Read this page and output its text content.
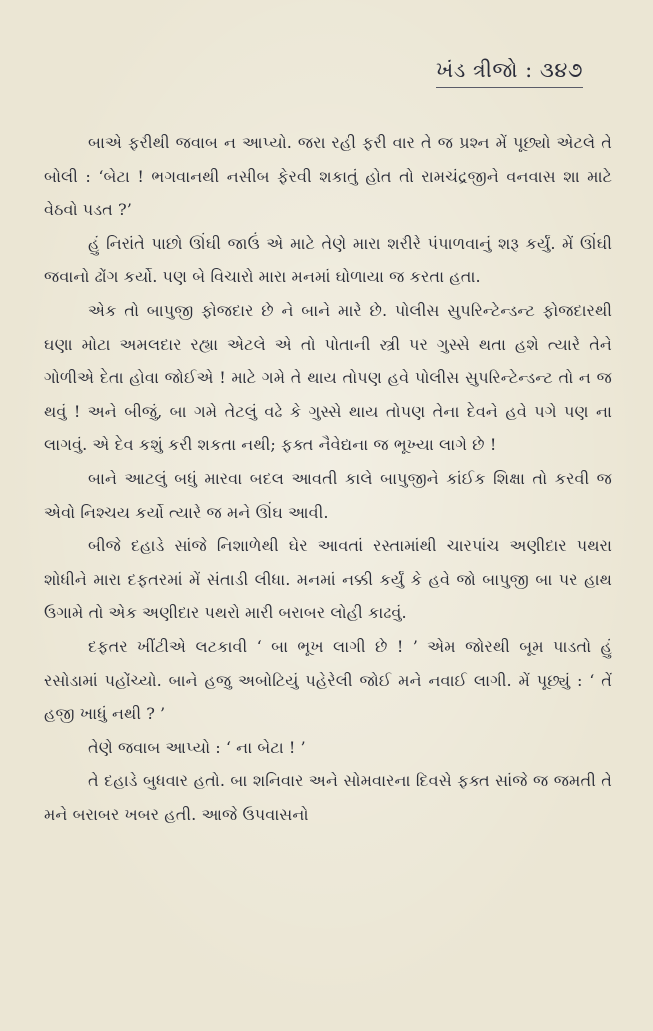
ખંડ ત્રીજો : ૩૪૭

બાએ ફરીથી જવાબ ન આપ્યો. જરા રહી ફરી વાર તે જ પ્રશ્ન મેં પૂછ્યો એટલે તે બોલી : ‘બેટા ! ભગવાનથી નસીબ ફેરવી શકાતું હોત તો રામચંદ્રજીને વનવાસ શા માટે વેઠવો પડત ?’

હું નિરાંતે પાછો ઊંઘી જાઉં એ માટે તેણે મારા શરીરે પંપાળવાનું શરૂ કર્યું. મેં ઊંઘી જવાનો ઢોંગ કર્યો. પણ બે વિચારો મારા મનમાં ઘોળાયા જ કરતા હતા.

એક તો બાપુજી ફોજદાર છે ને બાને મારે છે. પોલીસ સુપરિન્ટેન્ડન્ટ ફોજદારથી ઘણા મોટા અમલદાર રહ્યા એટલે એ તો પોતાની સ્ત્રી પર ગુસ્સે થતા હશે ત્યારે તેને ગોળીએ દેતા હોવા જોઈએ ! માટે ગમે તે થાય તોપણ હવે પોલીસ સુપરિન્ટેન્ડન્ટ તો ન જ થવું ! અને બીજું, બા ગમે તેટલું વઢે કે ગુસ્સે થાય તોપણ તેના દેવને હવે પગે પણ ના લાગવું. એ દેવ કશું કરી શકતા નથી; ફક્ત નૈવેદ્યના જ ભૂખ્યા લાગે છે !

બાને આટલું બધું મારવા બદલ આવતી કાલે બાપુજીને કાંઈક શિક્ષા તો કરવી જ એવો નિશ્ચય કર્યો ત્યારે જ મને ઊંઘ આવી.

બીજે દહાડે સાંજે નિશાળેથી ઘેર આવતાં રસ્તામાંથી ચારપાંચ અણીદાર પથરા શોધીને મારા દફતરમાં મેં સંતાડી લીધા. મનમાં નક્કી કર્યું કે હવે જો બાપુજી બા પર હાથ ઉગામે તો એક અણીદાર પથરો મારી બરાબર લોહી કાઢવું.

દફતર ખીંટીએ લટકાવી ‘ બા ભૂખ લાગી છે ! ’ એમ જોરથી બૂમ પાડતો હું રસોડામાં પહોંચ્યો. બાને હજુ અબોટિયું પહેરેલી જોઈ મને નવાઈ લાગી. મેં પૂછ્યું : ‘ તેં હજી ખાધું નથી ? ’

તેણે જવાબ આપ્યો : ‘ ના બેટા ! ’

તે દહાડે બુધવાર હતો. બા શનિવાર અને સોમવારના દિવસે ફક્ત સાંજે જ જમતી તે મને બરાબર ખબર હતી. આજે ઉપવાસનો
